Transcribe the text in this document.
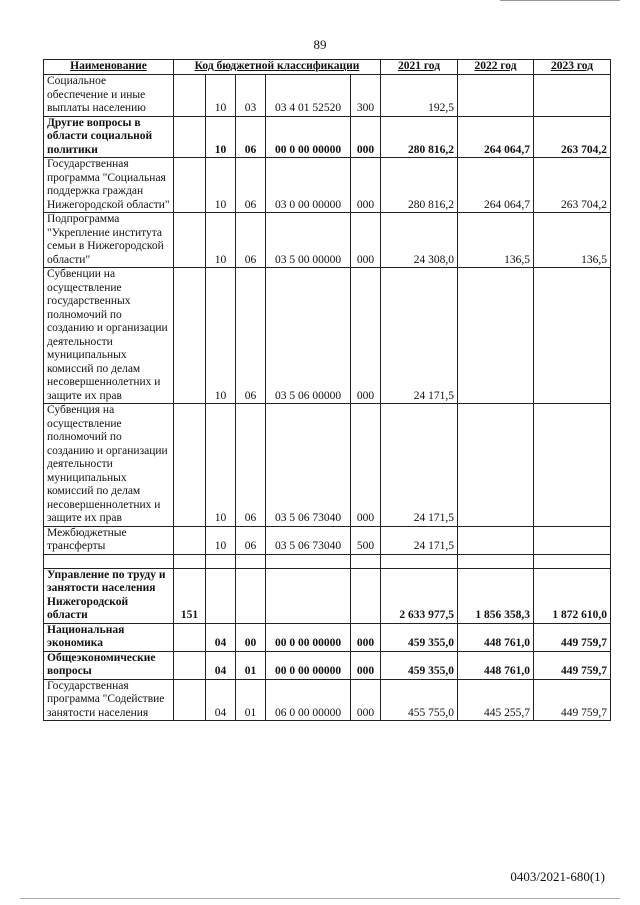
89
Наименование	Код бюджетной классификации					2021 год	2022 год	2023 год
Социальное обеспечение и иные выплаты населению		10	03	03 4 01 52520	300	192,5		
Другие вопросы в области социальной политики		10	06	00 0 00 00000	000	280 816,2	264 064,7	263 704,2
Государственная программа "Социальная поддержка граждан Нижегородской области"		10	06	03 0 00 00000	000	280 816,2	264 064,7	263 704,2
Подпрограмма "Укрепление института семьи в Нижегородской области"		10	06	03 5 00 00000	000	24 308,0	136,5	136,5
Субвенции на осуществление государственных полномочий по созданию и организации деятельности муниципальных комиссий по делам несовершеннолетних и защите их прав		10	06	03 5 06 00000	000	24 171,5		
Субвенция на осуществление полномочий по созданию и организации деятельности муниципальных комиссий по делам несовершеннолетних и защите их прав		10	06	03 5 06 73040	000	24 171,5		
Межбюджетные трансферты		10	06	03 5 06 73040	500	24 171,5		

Управление по труду и занятости населения Нижегородской области	151					2 633 977,5	1 856 358,3	1 872 610,0
Национальная экономика		04	00	00 0 00 00000	000	459 355,0	448 761,0	449 759,7
Общеэкономические вопросы		04	01	00 0 00 00000	000	459 355,0	448 761,0	449 759,7
Государственная программа "Содействие занятости населения		04	01	06 0 00 00000	000	455 755,0	445 255,7	449 759,7
0403/2021-680(1)
